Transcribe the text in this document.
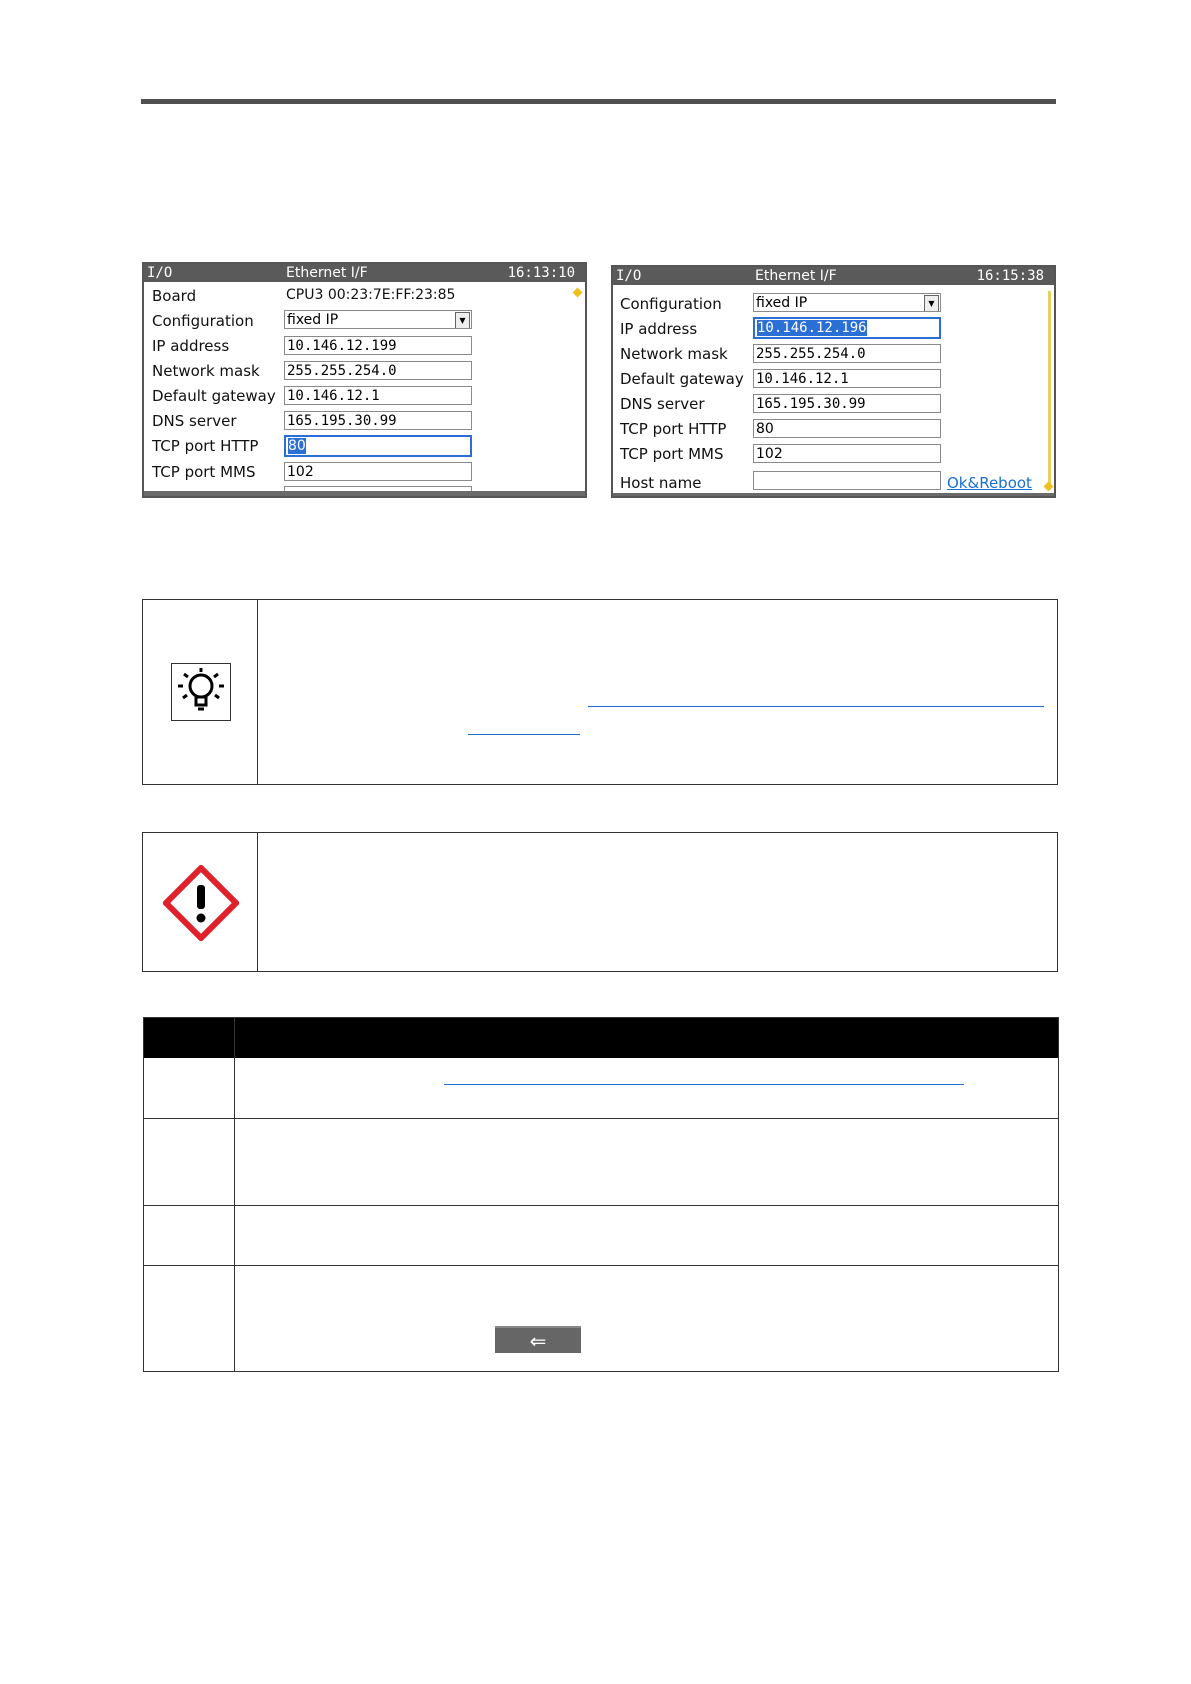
I/O	Ethernet I/F	16:13:10
Board	CPU3 00:23:7E:FF:23:85
Configuration fixed IP	▼
IP address	10.146.12.199
Network mask 255.255.254.0
Default gateway 10.146.12.1
DNS server	165.195.30.99
TCP port HTTP 80
TCP port MMS 102
I/O	Ethernet I/F	16:15:38
Configuration fixed IP	▼
IP address	10.146.12.196
Network mask 255.255.254.0
Default gateway 10.146.12.1
DNS server	165.195.30.99
TCP port HTTP 80
TCP port MMS 102
Host name	Ok&Reboot
⇐
